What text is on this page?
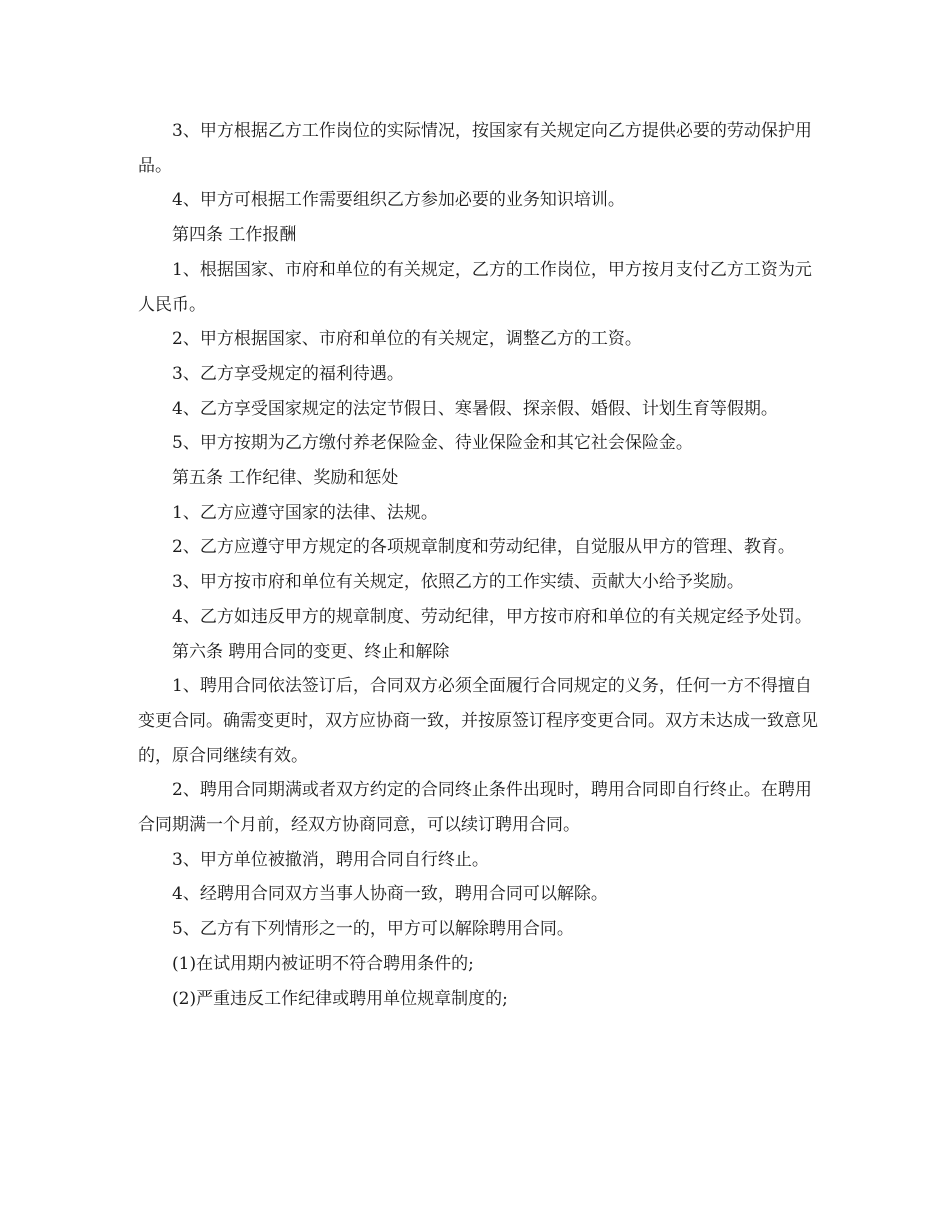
3、甲方根据乙方工作岗位的实际情况，按国家有关规定向乙方提供必要的劳动保护用品。

4、甲方可根据工作需要组织乙方参加必要的业务知识培训。

第四条 工作报酬

1、根据国家、市府和单位的有关规定，乙方的工作岗位，甲方按月支付乙方工资为元人民币。

2、甲方根据国家、市府和单位的有关规定，调整乙方的工资。

3、乙方享受规定的福利待遇。

4、乙方享受国家规定的法定节假日、寒暑假、探亲假、婚假、计划生育等假期。

5、甲方按期为乙方缴付养老保险金、待业保险金和其它社会保险金。

第五条 工作纪律、奖励和惩处

1、乙方应遵守国家的法律、法规。

2、乙方应遵守甲方规定的各项规章制度和劳动纪律，自觉服从甲方的管理、教育。

3、甲方按市府和单位有关规定，依照乙方的工作实绩、贡献大小给予奖励。

4、乙方如违反甲方的规章制度、劳动纪律，甲方按市府和单位的有关规定经予处罚。

第六条 聘用合同的变更、终止和解除

1、聘用合同依法签订后，合同双方必须全面履行合同规定的义务，任何一方不得擅自变更合同。确需变更时，双方应协商一致，并按原签订程序变更合同。双方未达成一致意见的，原合同继续有效。

2、聘用合同期满或者双方约定的合同终止条件出现时，聘用合同即自行终止。在聘用合同期满一个月前，经双方协商同意，可以续订聘用合同。

3、甲方单位被撤消，聘用合同自行终止。

4、经聘用合同双方当事人协商一致，聘用合同可以解除。

5、乙方有下列情形之一的，甲方可以解除聘用合同。

(1)在试用期内被证明不符合聘用条件的;

(2)严重违反工作纪律或聘用单位规章制度的;
